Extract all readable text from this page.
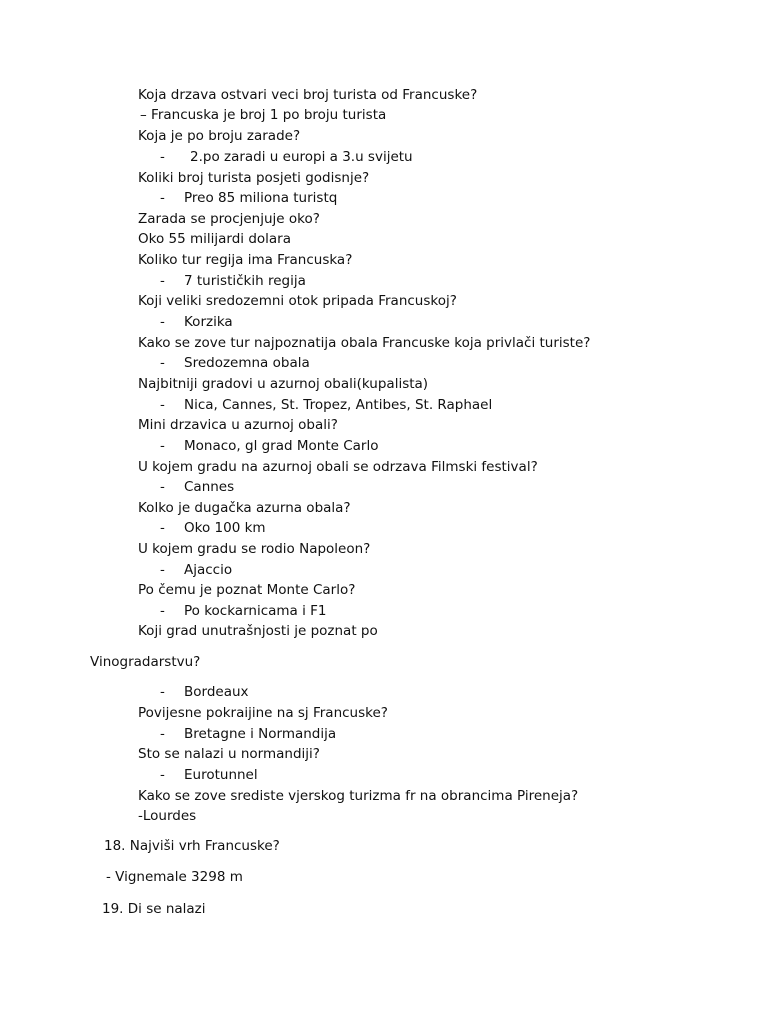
Koja drzava ostvari veci broj turista od Francuske?
– Francuska je broj 1 po broju turista
Koja je po broju zarade?
- 2.po zaradi u europi a 3.u svijetu
Koliki broj turista posjeti godisnje?
- Preo 85 miliona turistq
Zarada se procjenjuje oko?
Oko 55 milijardi dolara
Koliko tur regija ima Francuska?
- 7 turističkih regija
Koji veliki sredozemni otok pripada Francuskoj?
- Korzika
Kako se zove tur najpoznatija obala Francuske koja privlači turiste?
- Sredozemna obala
Najbitniji gradovi u azurnoj obali(kupalista)
- Nica, Cannes, St. Tropez, Antibes, St. Raphael
Mini drzavica u azurnoj obali?
- Monaco, gl grad Monte Carlo
U kojem gradu na azurnoj obali se odrzava Filmski festival?
- Cannes
Kolko je dugačka azurna obala?
- Oko 100 km
U kojem gradu se rodio Napoleon?
- Ajaccio
Po čemu je poznat Monte Carlo?
- Po kockarnicama i F1
Koji grad unutrašnjosti je poznat po
Vinogradarstvu?
- Bordeaux
Povijesne pokraijine na sj Francuske?
- Bretagne i Normandija
Sto se nalazi u normandiji?
- Eurotunnel
Kako se zove srediste vjerskog turizma fr na obrancima Pireneja?
-Lourdes
18. Najviši vrh Francuske?
- Vignemale 3298 m
19. Di se nalazi
